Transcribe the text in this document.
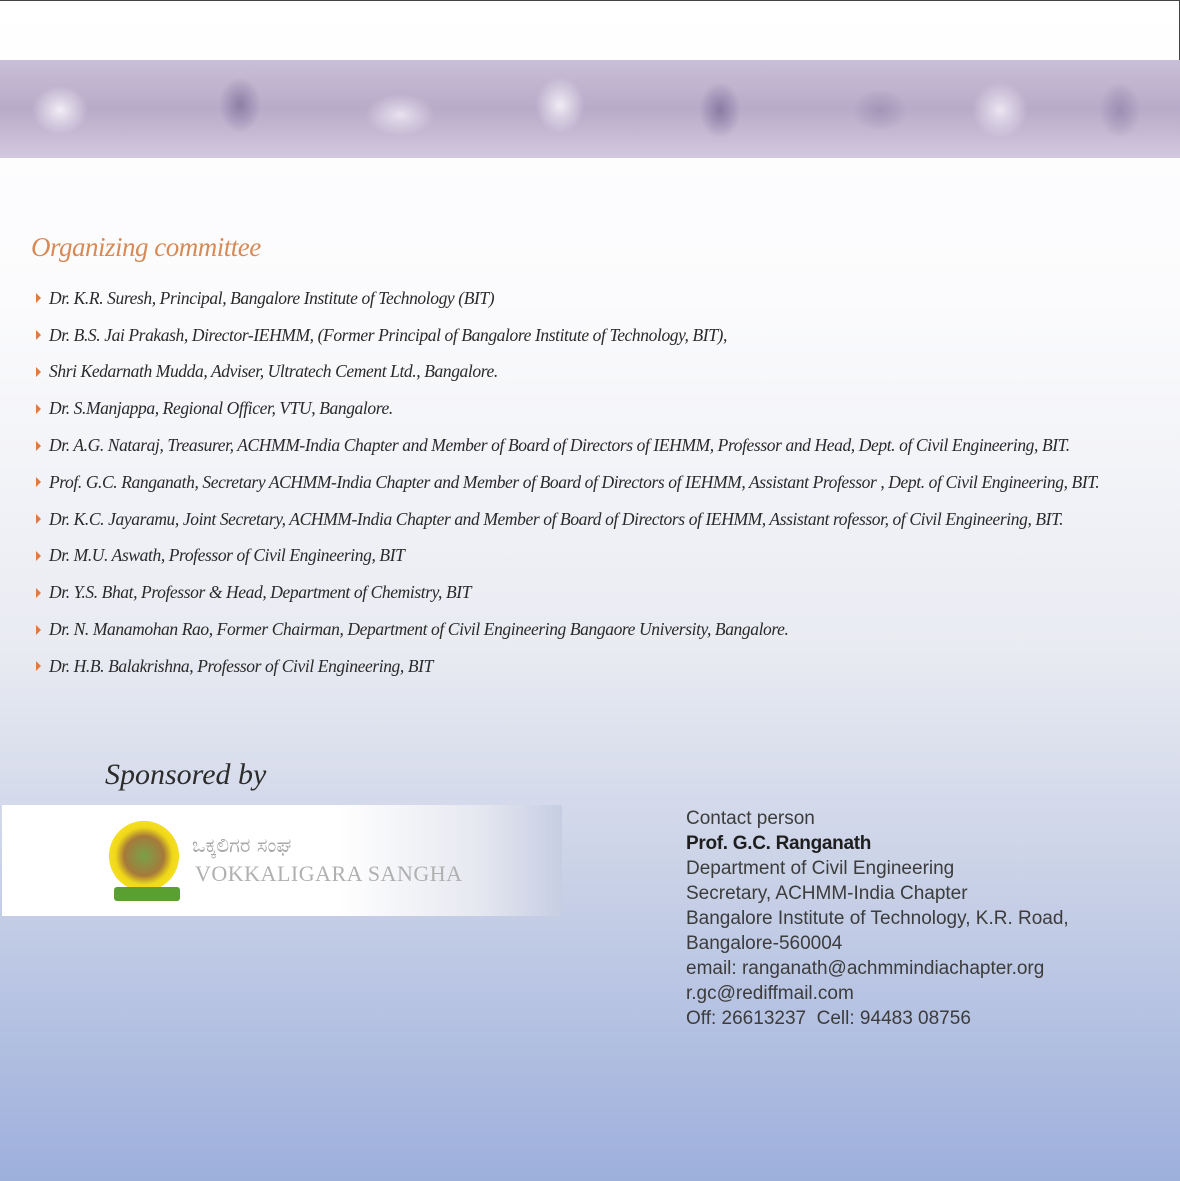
Organizing committee
Dr. K.R. Suresh, Principal, Bangalore Institute of Technology (BIT)
Dr. B.S. Jai Prakash, Director-IEHMM, (Former Principal of Bangalore Institute of Technology, BIT),
Shri Kedarnath Mudda, Adviser, Ultratech Cement Ltd., Bangalore.
Dr. S.Manjappa, Regional Officer, VTU, Bangalore.
Dr. A.G. Nataraj, Treasurer, ACHMM-India Chapter and Member of Board of Directors of IEHMM, Professor and Head, Dept. of Civil Engineering, BIT.
Prof. G.C. Ranganath, Secretary ACHMM-India Chapter and Member of Board of Directors of IEHMM, Assistant Professor , Dept. of Civil Engineering, BIT.
Dr. K.C. Jayaramu, Joint Secretary, ACHMM-India Chapter and Member of Board of Directors of IEHMM, Assistant rofessor, of Civil Engineering, BIT.
Dr. M.U. Aswath, Professor of Civil Engineering, BIT
Dr. Y.S. Bhat, Professor & Head, Department of Chemistry, BIT
Dr. N. Manamohan Rao, Former Chairman, Department of Civil Engineering Bangaore University, Bangalore.
Dr. H.B. Balakrishna, Professor of Civil Engineering, BIT
Sponsored by
ಒಕ್ಕಲಿಗರ ಸಂಘ
VOKKALIGARA SANGHA
Contact person
Prof. G.C. Ranganath
Department of Civil Engineering
Secretary, ACHMM-India Chapter
Bangalore Institute of Technology, K.R. Road,
Bangalore-560004
email: ranganath@achmmindiachapter.org
r.gc@rediffmail.com
Off: 26613237  Cell: 94483 08756
